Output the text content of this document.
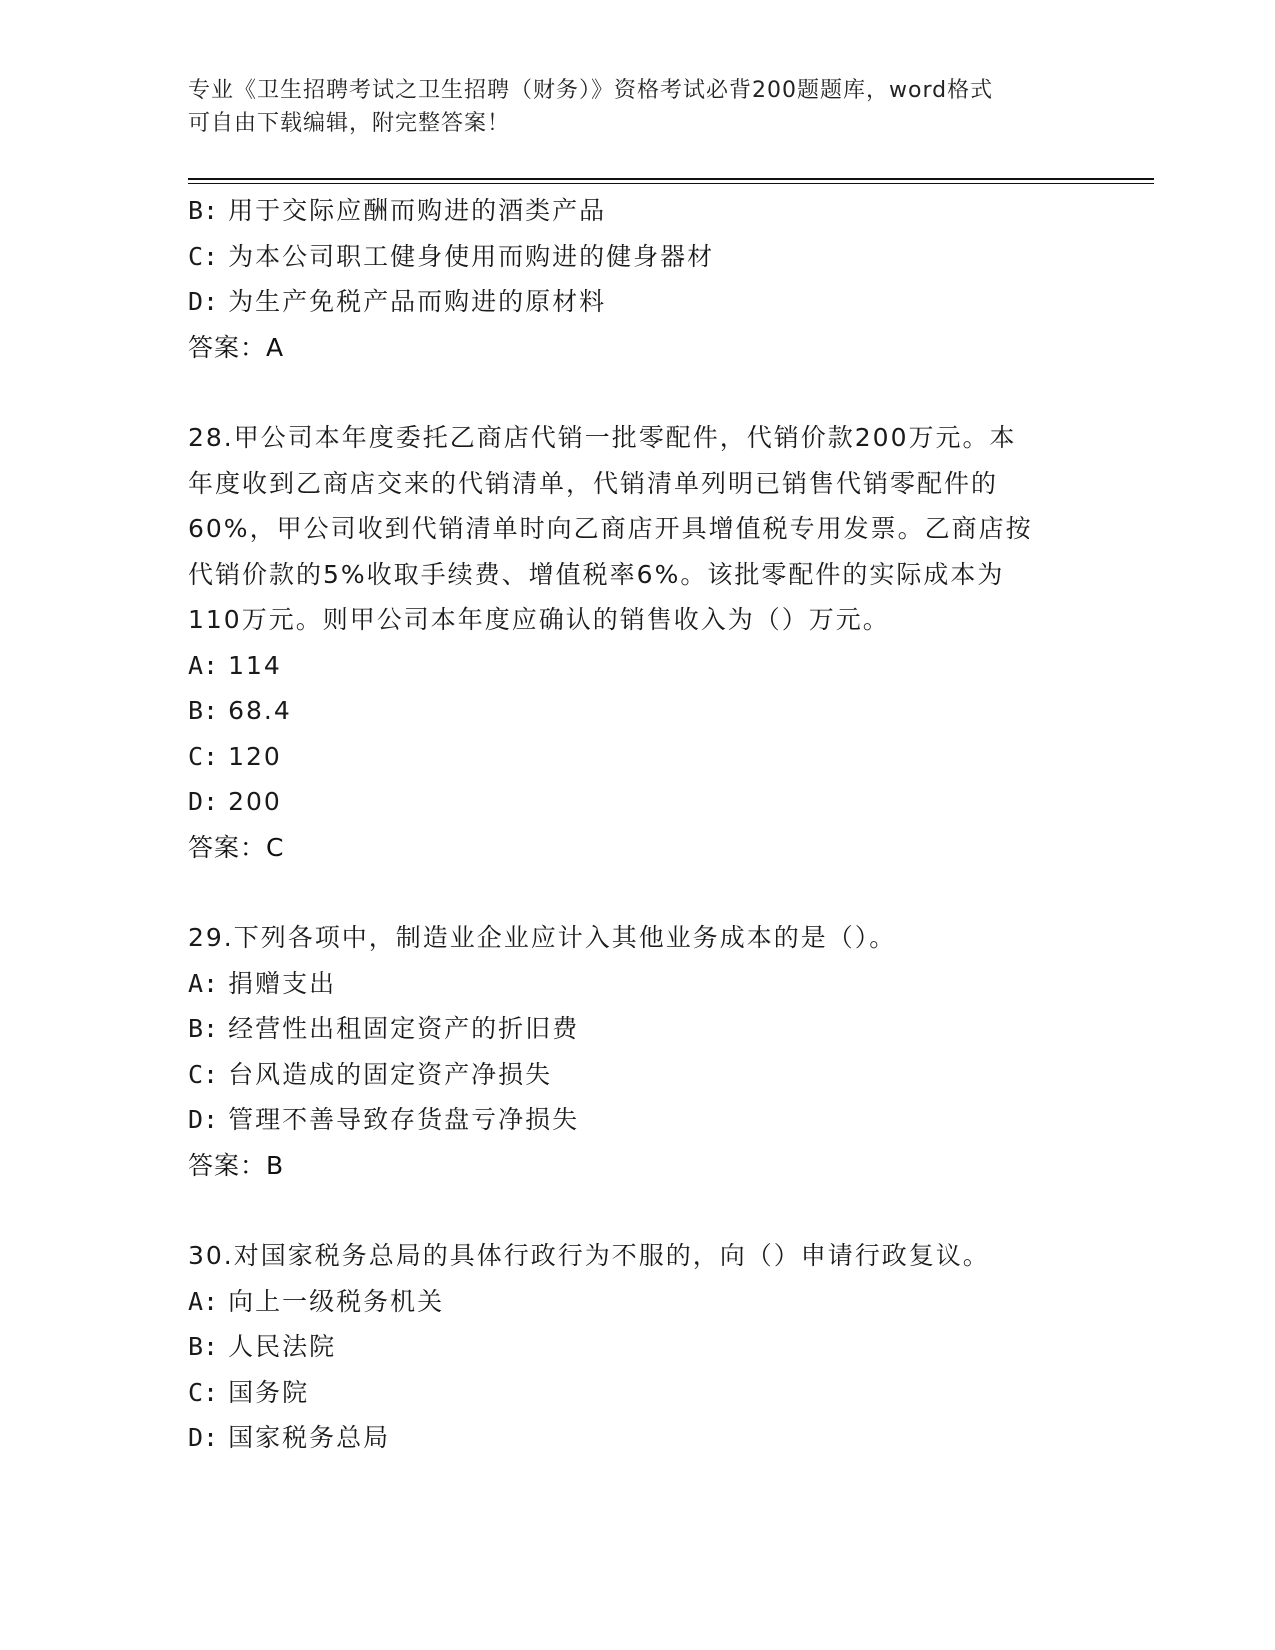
专业《卫生招聘考试之卫生招聘（财务）》资格考试必背200题题库，word格式
可自由下载编辑，附完整答案！
B: 用于交际应酬而购进的酒类产品
C: 为本公司职工健身使用而购进的健身器材
D: 为生产免税产品而购进的原材料
答案：A
28.甲公司本年度委托乙商店代销一批零配件，代销价款200万元。本
年度收到乙商店交来的代销清单，代销清单列明已销售代销零配件的
60%，甲公司收到代销清单时向乙商店开具增值税专用发票。乙商店按
代销价款的5%收取手续费、增值税率6%。该批零配件的实际成本为
110万元。则甲公司本年度应确认的销售收入为（）万元。
A: 114
B: 68.4
C: 120
D: 200
答案：C
29.下列各项中，制造业企业应计入其他业务成本的是（）。
A: 捐赠支出
B: 经营性出租固定资产的折旧费
C: 台风造成的固定资产净损失
D: 管理不善导致存货盘亏净损失
答案：B
30.对国家税务总局的具体行政行为不服的，向（）申请行政复议。
A: 向上一级税务机关
B: 人民法院
C: 国务院
D: 国家税务总局
